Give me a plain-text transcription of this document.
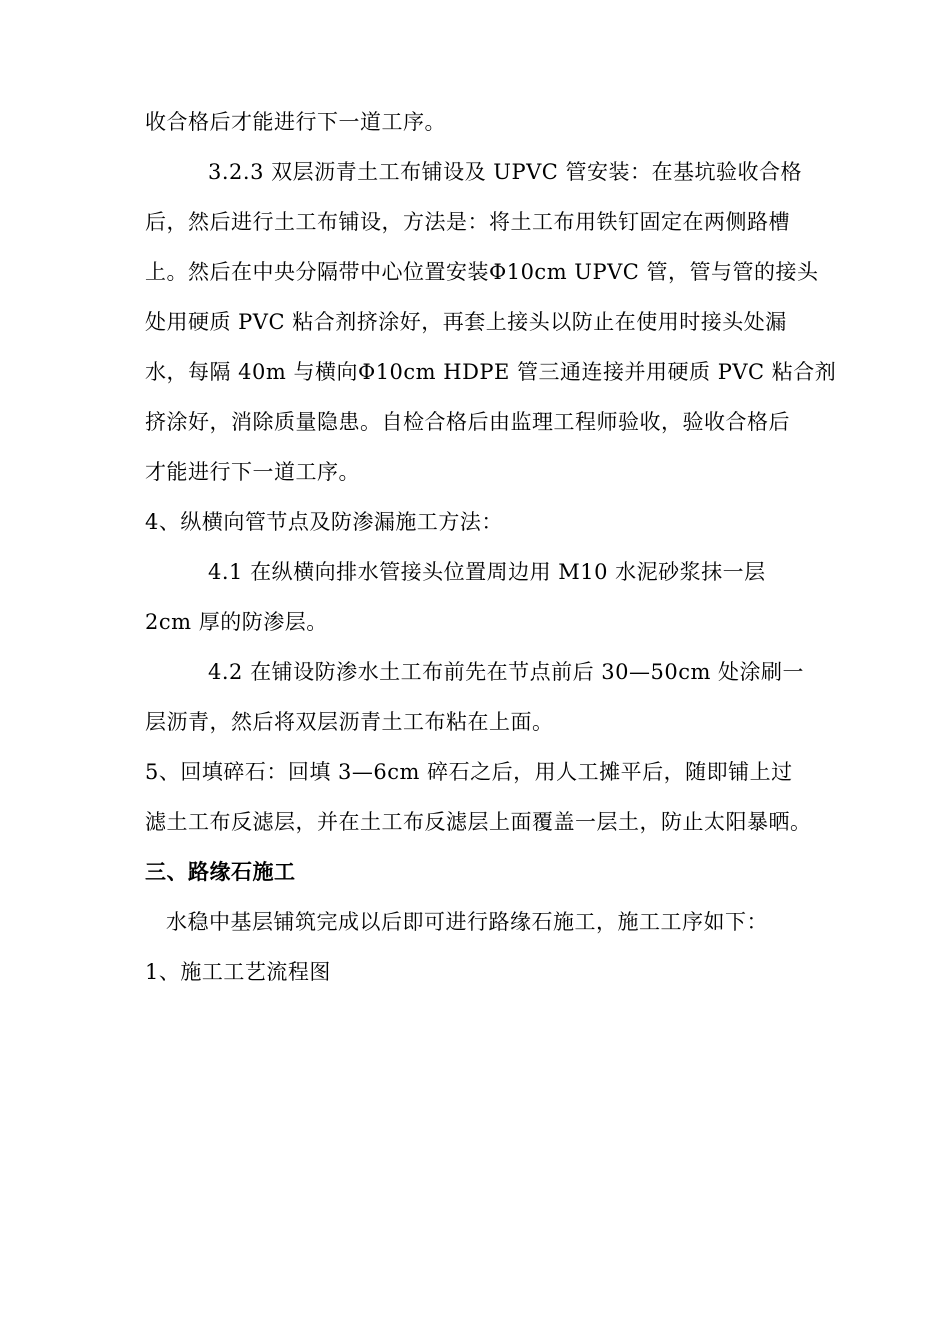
收合格后才能进行下一道工序。
3.2.3 双层沥青土工布铺设及 UPVC 管安装：在基坑验收合格
后，然后进行土工布铺设，方法是：将土工布用铁钉固定在两侧路槽
上。然后在中央分隔带中心位置安装Φ10cm UPVC 管，管与管的接头
处用硬质 PVC 粘合剂挤涂好，再套上接头以防止在使用时接头处漏
水，每隔 40m 与横向Φ10cm HDPE 管三通连接并用硬质 PVC 粘合剂
挤涂好，消除质量隐患。自检合格后由监理工程师验收，验收合格后
才能进行下一道工序。
4、纵横向管节点及防渗漏施工方法：
4.1 在纵横向排水管接头位置周边用 M10 水泥砂浆抹一层
2cm 厚的防渗层。
4.2 在铺设防渗水土工布前先在节点前后 30—50cm 处涂刷一
层沥青，然后将双层沥青土工布粘在上面。
5、回填碎石：回填 3—6cm 碎石之后，用人工摊平后，随即铺上过
滤土工布反滤层，并在土工布反滤层上面覆盖一层土，防止太阳暴晒。
三、路缘石施工
水稳中基层铺筑完成以后即可进行路缘石施工，施工工序如下：
1、施工工艺流程图
